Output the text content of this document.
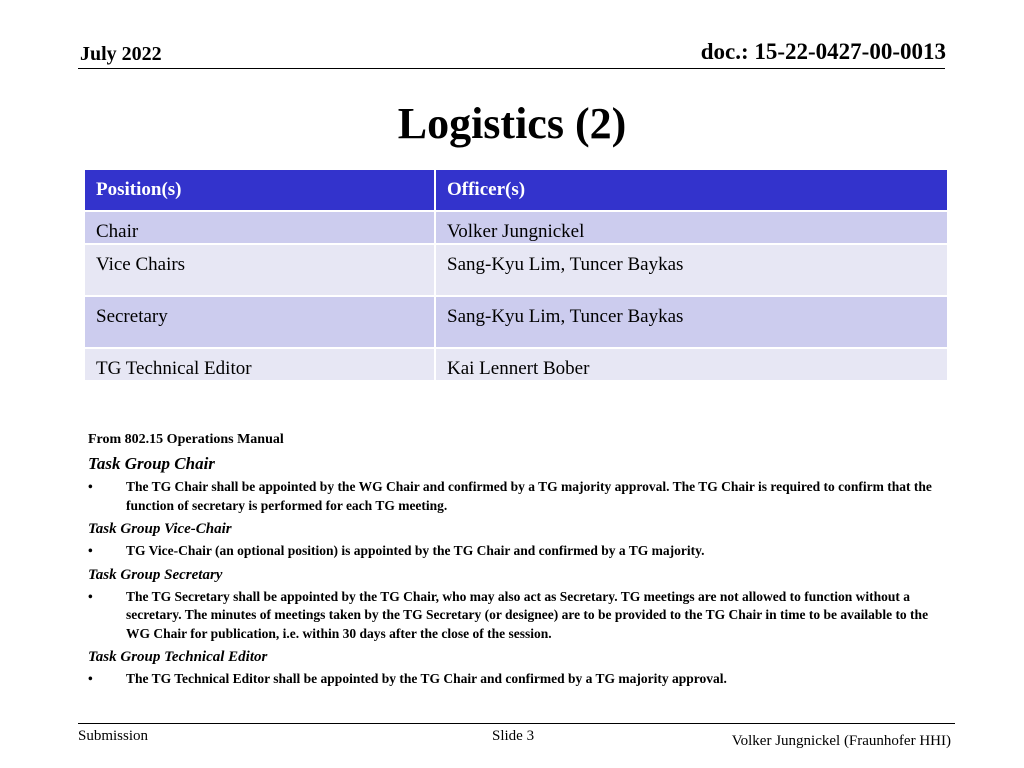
July 2022	doc.: 15-22-0427-00-0013
Logistics (2)
Position(s)	Officer(s)
Chair	Volker Jungnickel
Vice Chairs	Sang-Kyu Lim, Tuncer Baykas
Secretary	Sang-Kyu Lim, Tuncer Baykas
TG Technical Editor	Kai Lennert Bober
From 802.15 Operations Manual
Task Group Chair
•	The TG Chair shall be appointed by the WG Chair and confirmed by a TG majority approval. The TG Chair is required to confirm that the function of secretary is performed for each TG meeting.
Task Group Vice-Chair
•	TG Vice-Chair (an optional position) is appointed by the TG Chair and confirmed by a TG majority.
Task Group Secretary
•	The TG Secretary shall be appointed by the TG Chair, who may also act as Secretary. TG meetings are not allowed to function without a secretary. The minutes of meetings taken by the TG Secretary (or designee) are to be provided to the TG Chair in time to be available to the WG Chair for publication, i.e. within 30 days after the close of the session.
Task Group Technical Editor
•	The TG Technical Editor shall be appointed by the TG Chair and confirmed by a TG majority approval.
Submission	Slide 3	Volker Jungnickel (Fraunhofer HHI)
